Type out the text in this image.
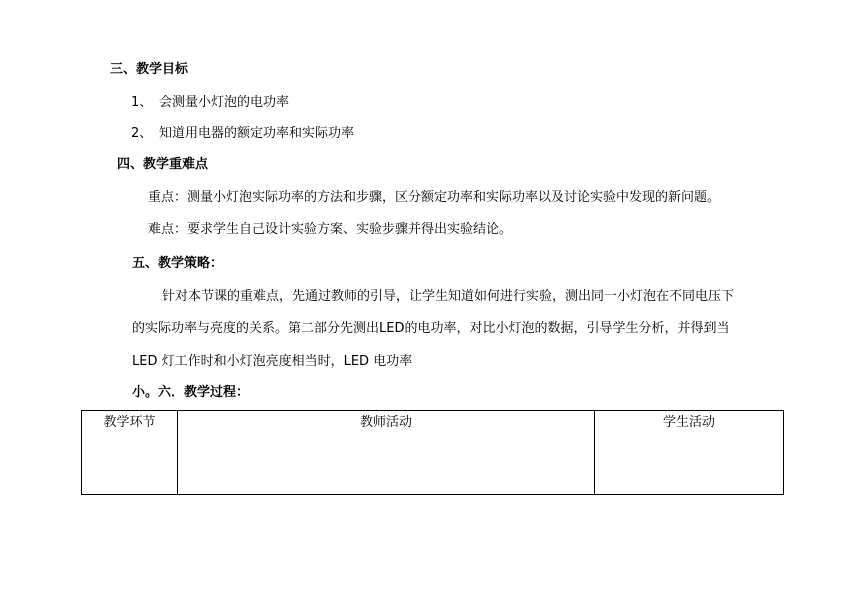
三、教学目标
1、 会测量小灯泡的电功率
2、 知道用电器的额定功率和实际功率
四、教学重难点
重点：测量小灯泡实际功率的方法和步骤，区分额定功率和实际功率以及讨论实验中发现的新问题。
难点：要求学生自己设计实验方案、实验步骤并得出实验结论。
五、教学策略：
针对本节课的重难点，先通过教师的引导，让学生知道如何进行实验，测出同一小灯泡在不同电压下
的实际功率与亮度的关系。第二部分先测出LED的电功率，对比小灯泡的数据，引导学生分析，并得到当
LED 灯工作时和小灯泡亮度相当时，LED 电功率
小。六．教学过程：
教学环节	教师活动	学生活动
